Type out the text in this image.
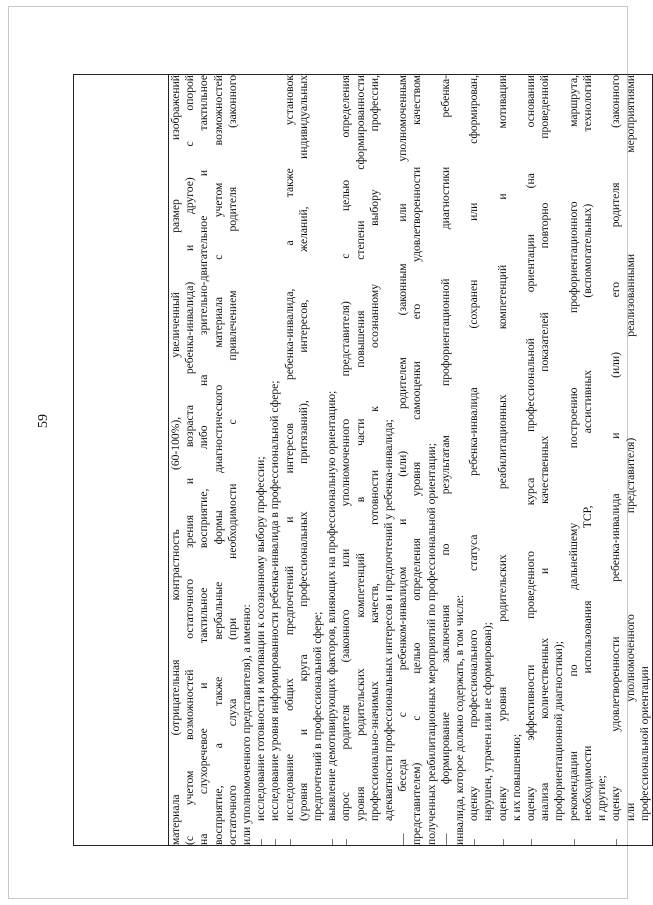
59	материала (отрицательная контрастность (60-100%), увеличенный размер изображений (с учетом возможностей остаточного зрения и возраста ребенка-инвалида) и другое) с опорой на слухоречевое и тактильное восприятие, либо на зрительно-двигательное и тактильное восприятие, а также вербальные формы диагностического материала с учетом возможностей остаточного слуха (при необходимости с привлечением родителя (законного или уполномоченного представителя), а именно: –
исследование готовности и мотивации к осознанному выбору профессии;
–
исследование уровня информированности ребенка-инвалида в профессиональной сфере;
–
исследование общих предпочтений и интересов ребенка-инвалида, а также установок (уровня и круга профессиональных притязаний), интересов, желаний, индивидуальных предпочтений в профессиональной сфере;
–
выявление демотивирующих факторов, влияющих на профессиональную ориентацию;
–
опрос родителя (законного или уполномоченного представителя) с целью определения уровня родительских компетенций в части повышения степени сформированности профессионально-значимых качеств, готовности к осознанному выбору профессии, адекватности профессиональных интересов и предпочтений у ребенка-инвалида; — беседа с ребенком-инвалидом и (или) родителем (законным или уполномоченным представителем) с целью определения уровня самооценки его удовлетворенности качеством полученных реабилитационных мероприятий по профессиональной ориентации; — формирование заключения по результатам профориентационной диагностики ребенка- инвалида, которое должно содержать, в том числе: –
оценку профессионального статуса ребенка-инвалида (сохранен или сформирован, нарушен, утрачен или не сформирован);
–
оценку уровня родительских реабилитационных компетенций и мотивации к их повышению;
–
оценку эффективности проведенного курса профессиональной ориентации (на основании анализа количественных и качественных показателей повторно проведенной профориентационной диагностики);
–
рекомендации по дальнейшему построению профориентационного маршрута, необходимости использования ТСР, ассистивных (вспомогательных) технологий и другие;
–
оценку удовлетворенности ребенка-инвалида и (или) его родителя (законного или уполномоченного представителя) реализованными мероприятиями профессиональной ориентации
